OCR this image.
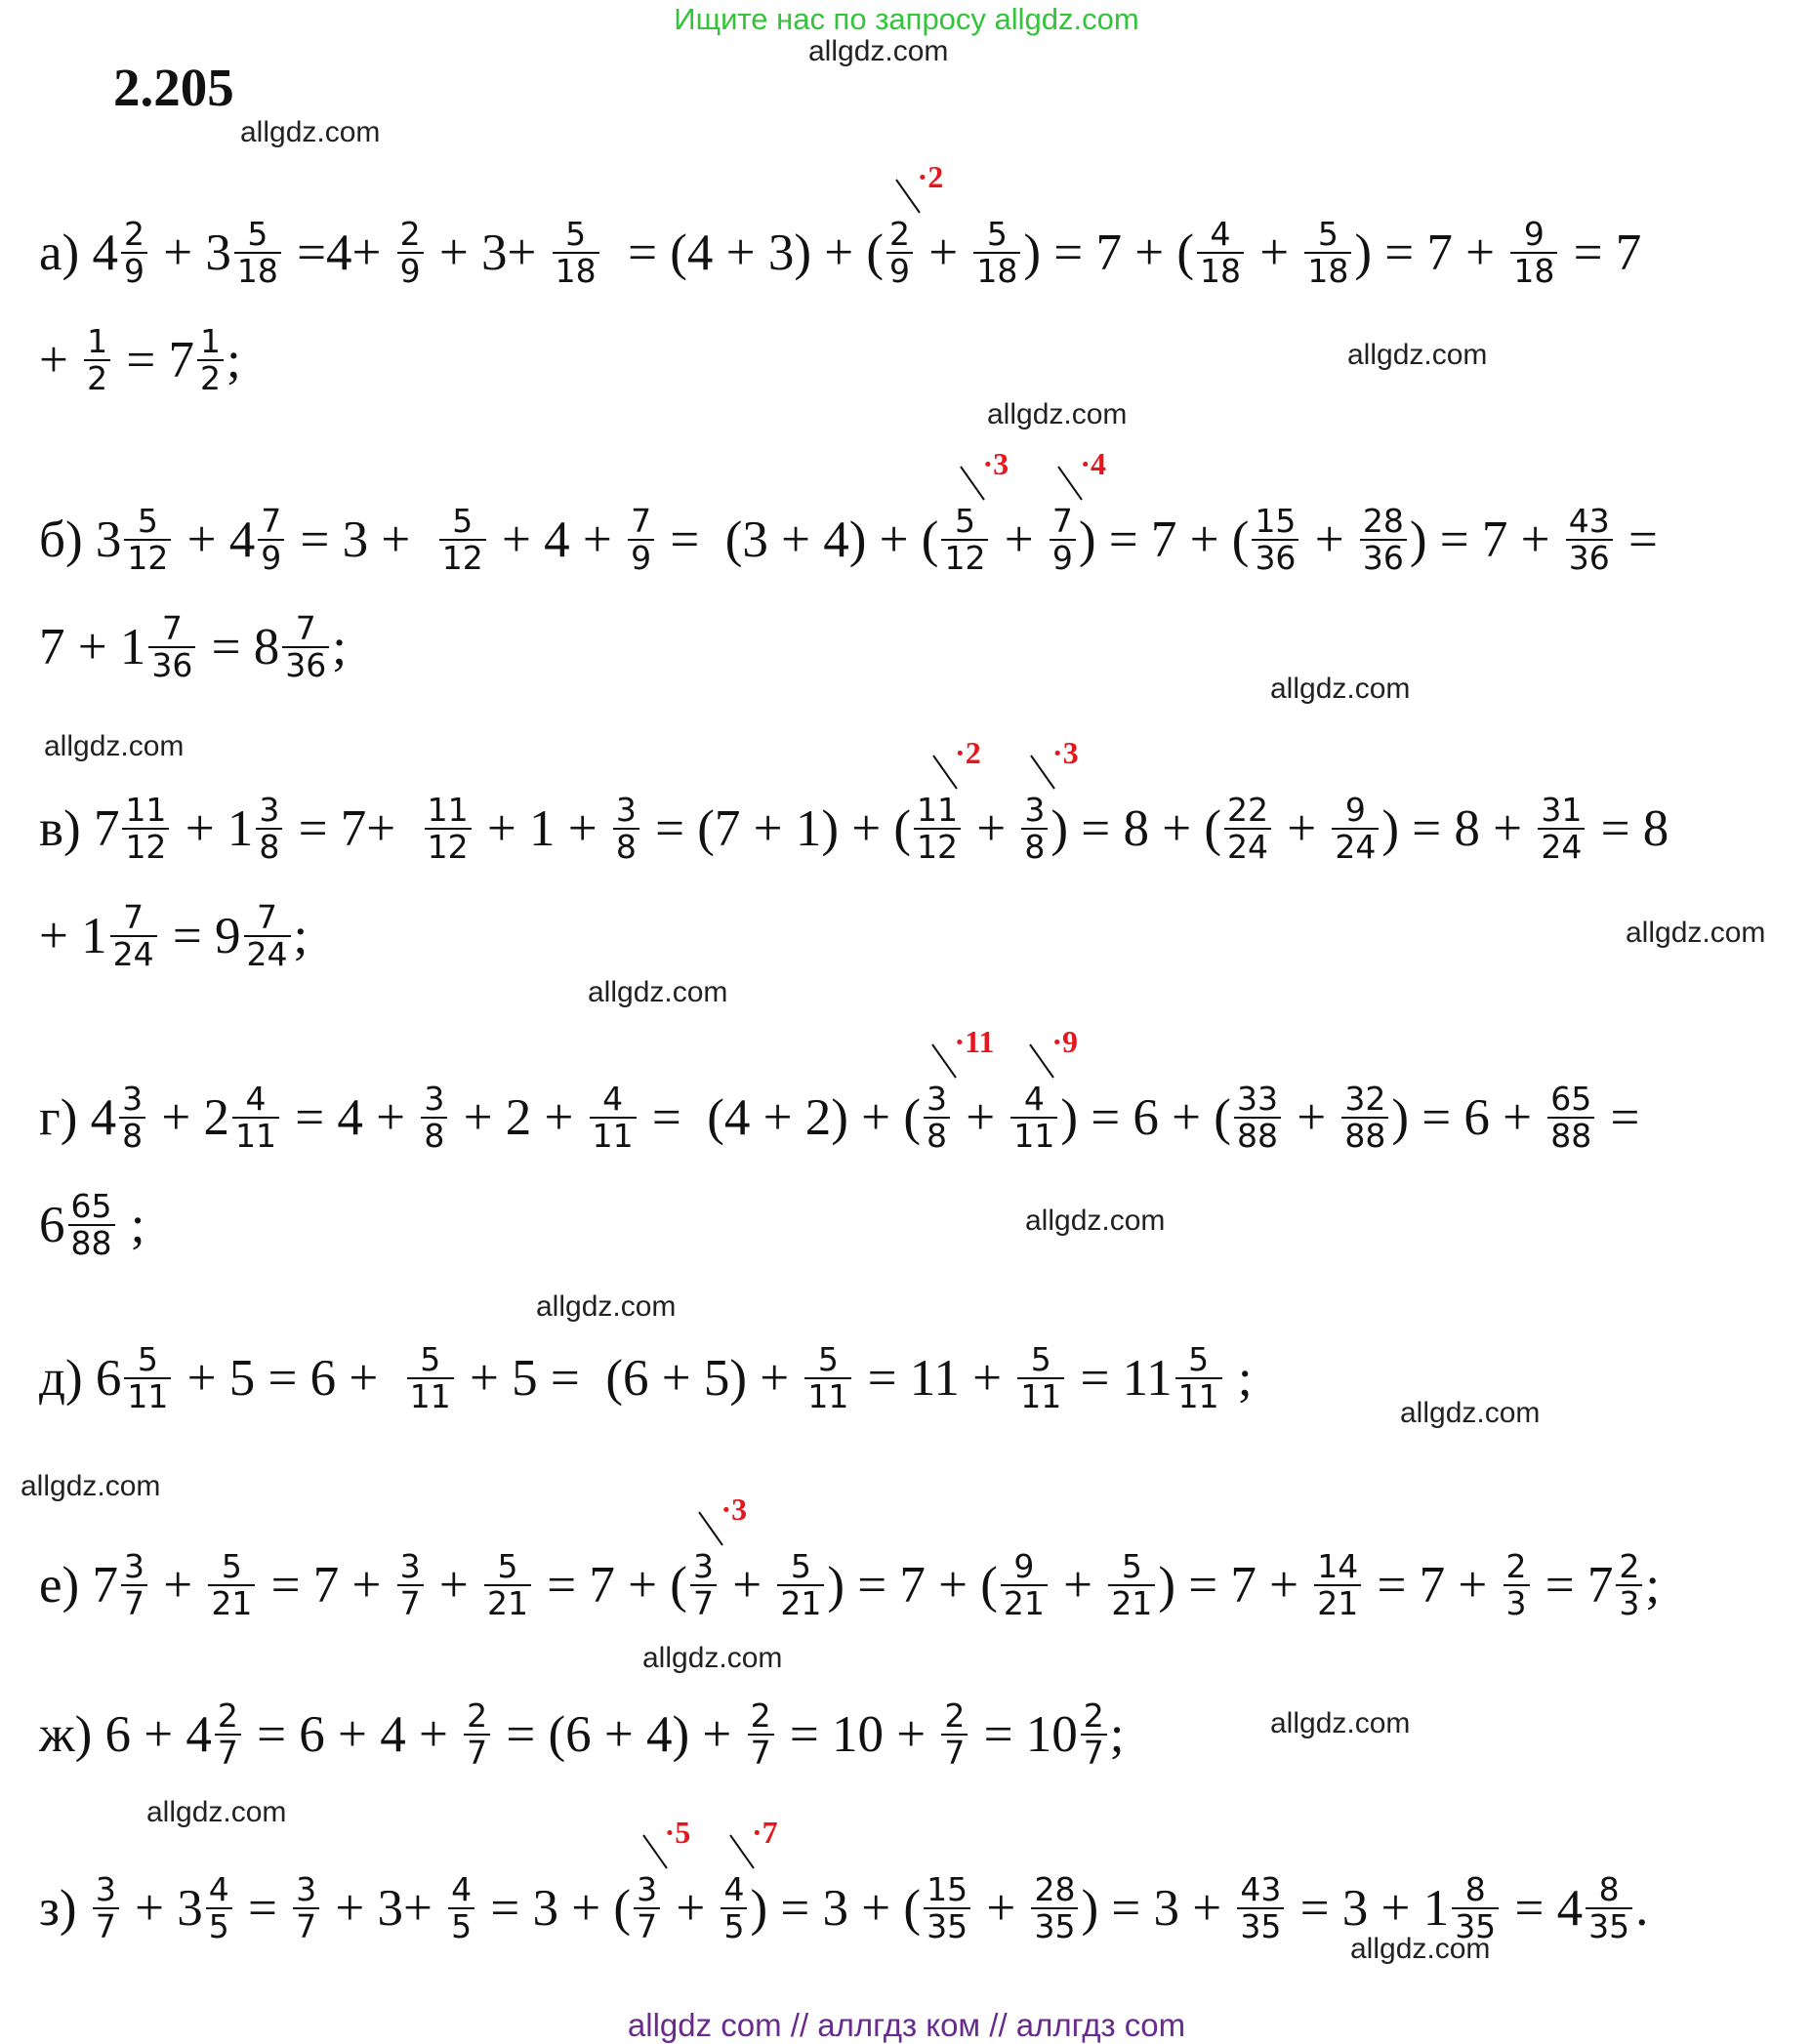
Ищите нас по запросу allgdz.com
2.205
а) $4 \frac{2}{9} + 3 \frac{5}{18} =4+ \frac{2}{9} + 3+ \frac{5}{18} = (4 + 3)$ + ( 2
9
·2
+ $\frac{5}{18}$ ) = 7 + ( $\frac{4}{18} + \frac{5}{18}$ ) = $7 + \frac{9}{18} = 7$
+ $\frac{1}{2} = 7 \frac{1}{2}$ ;
б) $3 \frac{5}{12} + 4 \frac{7}{9} = 3 + \frac{5}{12} + 4 + \frac{7}{9} = (3 + 4)$ + ( 5
12
·3
+ 7
9
·4
) = 7 + ( $\frac{15}{36} + \frac{28}{36}$ ) = $7 + \frac{43}{36}$ =
$7 + 1 \frac{7}{36} = 8 \frac{7}{36}$ ;
в) $7 \frac{11}{12} + 1 \frac{3}{8} = 7+ \frac{11}{12} + 1 + \frac{3}{8} = (7 + 1)$ + ( 11
12
·2
+ 3
8
·3
) = 8 + ( $\frac{22}{24} + \frac{9}{24}$ ) = $8 + \frac{31}{24} = 8$
+ $1 \frac{7}{24} = 9 \frac{7}{24}$ ;
г) $4 \frac{3}{8} + 2 \frac{4}{11} = 4 + \frac{3}{8} + 2 + \frac{4}{11} = (4 + 2)$ + ( 3
8
·11
+ 4
11
·9
) = 6 + ( $\frac{33}{88} + \frac{32}{88}$ ) = $6 + \frac{65}{88}$ =
$6 \frac{65}{88}$ ;
д) $6 \frac{5}{11} + 5 = 6 + \frac{5}{11} + 5 = (6 + 5) + \frac{5}{11} = 11 + \frac{5}{11} = 11 \frac{5}{11}$ ;
е) $7 \frac{3}{7} + \frac{5}{21} = 7 + \frac{3}{7} + \frac{5}{21} = 7$ + ( 3
7
·3
+ $\frac{5}{21}$ ) = 7 + ( $\frac{9}{21} + \frac{5}{21}$ ) = $7 + \frac{14}{21} = 7 + \frac{2}{3} = 7 \frac{2}{3}$ ;
ж) $6 + 4 \frac{2}{7} = 6 + 4 + \frac{2}{7} = (6 + 4) + \frac{2}{7} = 10 + \frac{2}{7} = 10 \frac{2}{7}$ ;
$з) \frac{3}{7} + 3 \frac{4}{5} = \frac{3}{7} + 3+ \frac{4}{5} = 3$ + ( 3
7
·5
+ 4
5
·7
) = 3 + ( $\frac{15}{35} + \frac{28}{35}$ ) = $3 + \frac{43}{35} = 3 + 1 \frac{8}{35} = 4 \frac{8}{35}$ .
allgdz.com
allgdz.com
allgdz.com
allgdz.com
allgdz.com
allgdz.com
allgdz.com
allgdz.com
allgdz.com
allgdz.com
allgdz.com
allgdz.com
allgdz.com
allgdz.com
allgdz.com
allgdz.com
allgdz com // аллгдз ком // аллгдз com
